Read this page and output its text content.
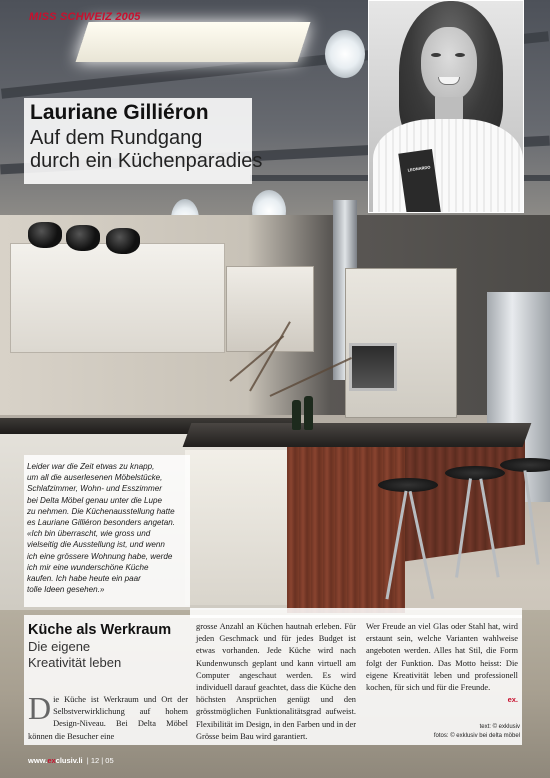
MISS SCHWEIZ 2005
LEONARDO
Lauriane Gilliéron
Auf dem Rundgang
durch ein Küchenparadies
Leider war die Zeit etwas zu knapp,
um all die auserlesenen Möbelstücke,
Schlafzimmer, Wohn- und Esszimmer
bei Delta Möbel genau unter die Lupe
zu nehmen. Die Küchenausstellung hatte
es Lauriane Gilliéron besonders angetan.
«Ich bin überrascht, wie gross und
vielseitig die Ausstellung ist, und wenn
ich eine grössere Wohnung habe, werde
ich mir eine wunderschöne Küche
kaufen. Ich habe heute ein paar
tolle Ideen gesehen.»
Küche als Werkraum
Die eigene
Kreativität leben
Die Küche ist Werkraum und Ort der Selbstverwirklichung auf hohem Design-Niveau. Bei Delta Möbel können die Besucher eine
grosse Anzahl an Küchen hautnah erleben. Für jeden Geschmack und für jedes Budget ist etwas vorhanden. Jede Küche wird nach Kundenwunsch geplant und kann virtuell am Computer angeschaut werden. Es wird individuell darauf geachtet, dass die Küche den höchsten Ansprüchen genügt und den grösstmöglichen Funktionalitätsgrad aufweist. Flexibilität im Design, in den Farben und in der Grösse beim Bau wird garantiert.
Wer Freude an viel Glas oder Stahl hat, wird erstaunt sein, welche Varianten wahlweise angeboten werden. Alles hat Stil, die Form folgt der Funktion. Das Motto heisst: Die eigene Kreativität leben und professionell kochen, für sich und für die Freunde.
ex.
text: © exklusiv
fotos: © exklusiv bei delta möbel
www.exclusiv.li  | 12 | 05
